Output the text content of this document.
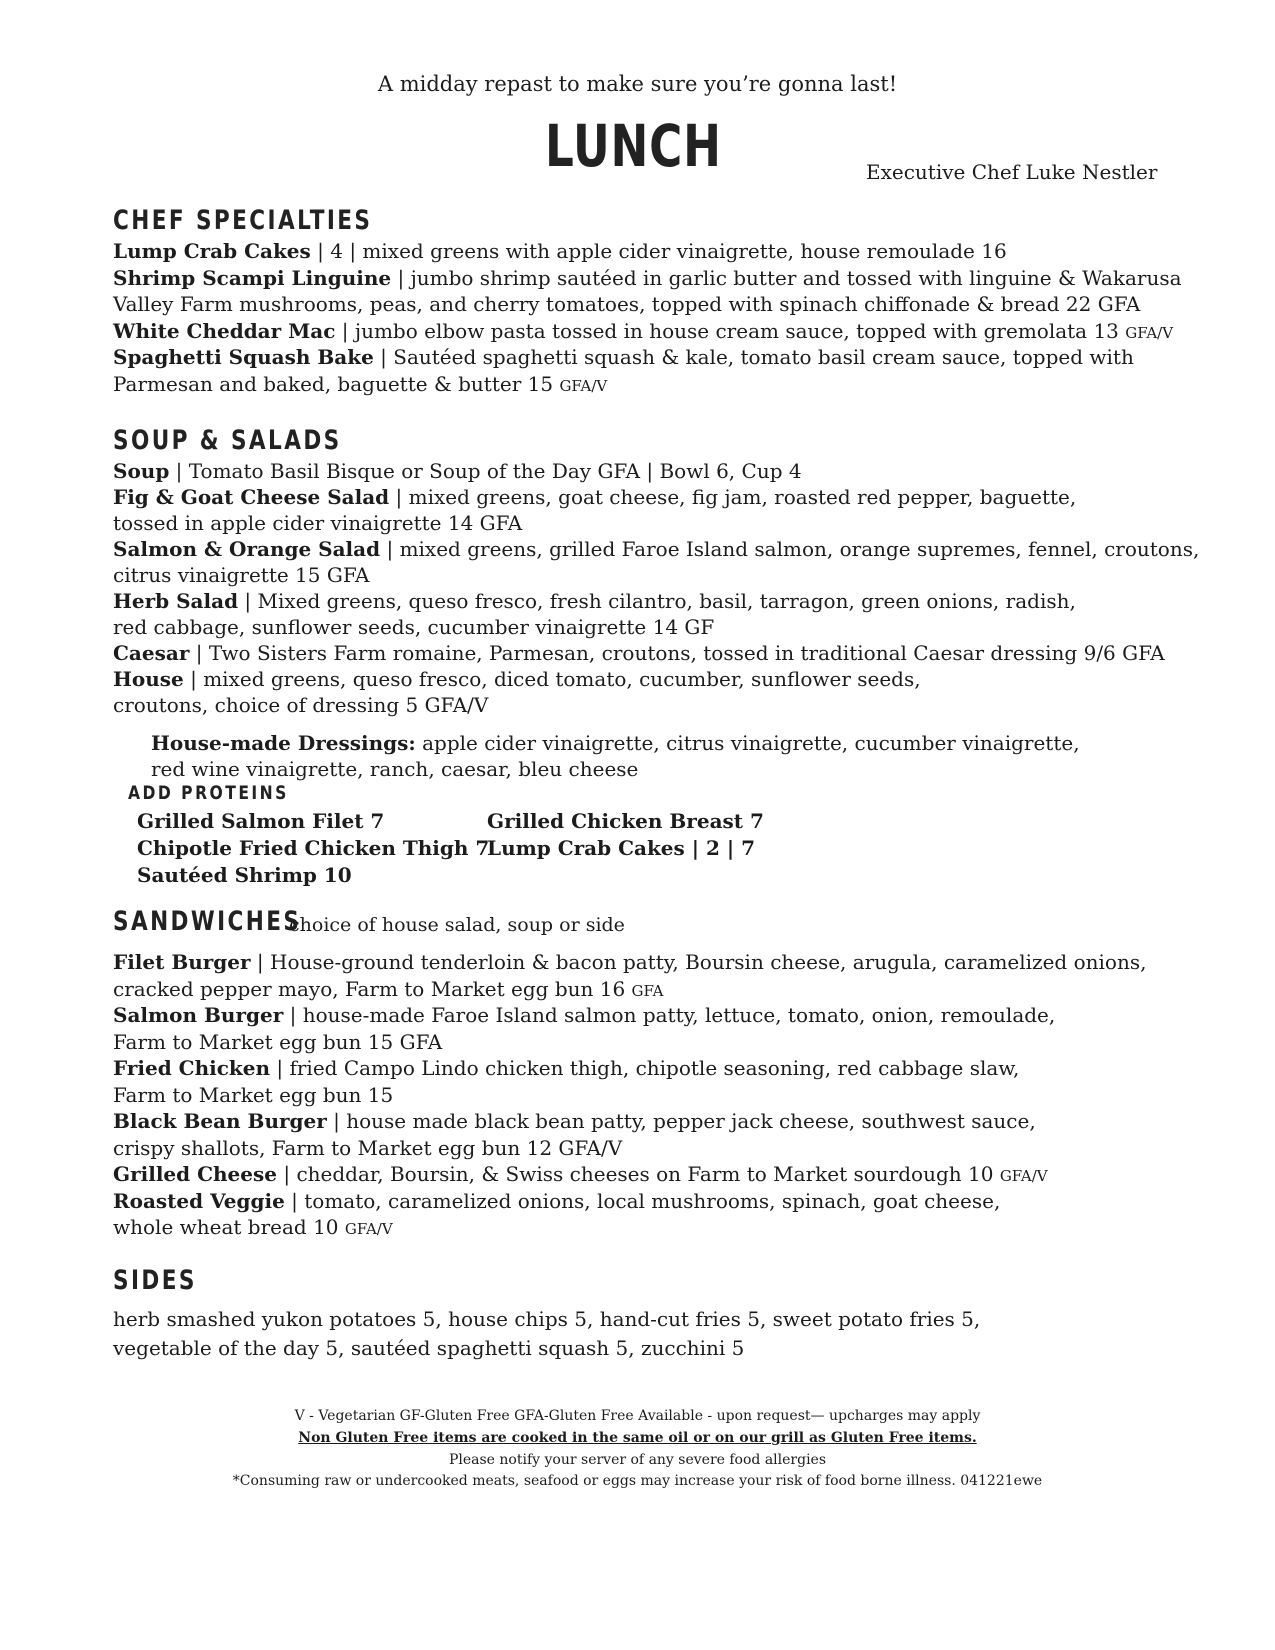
A midday repast to make sure you’re gonna last!
LUNCH	Executive Chef Luke Nestler
CHEF SPECIALTIES
Lump Crab Cakes | 4 | mixed greens with apple cider vinaigrette, house remoulade 16
Shrimp Scampi Linguine | jumbo shrimp sautéed in garlic butter and tossed with linguine & Wakarusa
Valley Farm mushrooms, peas, and cherry tomatoes, topped with spinach chiffonade & bread 22 GFA
White Cheddar Mac | jumbo elbow pasta tossed in house cream sauce, topped with gremolata 13 GFA/V
Spaghetti Squash Bake | Sautéed spaghetti squash & kale, tomato basil cream sauce, topped with
Parmesan and baked, baguette & butter 15 GFA/V
SOUP & SALADS
Soup | Tomato Basil Bisque or Soup of the Day GFA | Bowl 6, Cup 4
Fig & Goat Cheese Salad | mixed greens, goat cheese, fig jam, roasted red pepper, baguette,
tossed in apple cider vinaigrette 14 GFA
Salmon & Orange Salad | mixed greens, grilled Faroe Island salmon, orange supremes, fennel, croutons,
citrus vinaigrette 15 GFA
Herb Salad | Mixed greens, queso fresco, fresh cilantro, basil, tarragon, green onions, radish,
red cabbage, sunflower seeds, cucumber vinaigrette 14 GF
Caesar | Two Sisters Farm romaine, Parmesan, croutons, tossed in traditional Caesar dressing 9/6 GFA
House | mixed greens, queso fresco, diced tomato, cucumber, sunflower seeds,
croutons, choice of dressing 5 GFA/V
House-made Dressings: apple cider vinaigrette, citrus vinaigrette, cucumber vinaigrette,
red wine vinaigrette, ranch, caesar, bleu cheese
ADD PROTEINS
Grilled Salmon Filet 7	Grilled Chicken Breast 7
Chipotle Fried Chicken Thigh 7
Lump Crab Cakes | 2 | 7
Sautéed Shrimp 10
SANDWICHES
choice of house salad, soup or side
Filet Burger | House-ground tenderloin & bacon patty, Boursin cheese, arugula, caramelized onions,
cracked pepper mayo, Farm to Market egg bun 16 GFA
Salmon Burger | house-made Faroe Island salmon patty, lettuce, tomato, onion, remoulade,
Farm to Market egg bun 15 GFA
Fried Chicken | fried Campo Lindo chicken thigh, chipotle seasoning, red cabbage slaw,
Farm to Market egg bun 15
Black Bean Burger | house made black bean patty, pepper jack cheese, southwest sauce,
crispy shallots, Farm to Market egg bun 12 GFA/V
Grilled Cheese | cheddar, Boursin, & Swiss cheeses on Farm to Market sourdough 10 GFA/V
Roasted Veggie | tomato, caramelized onions, local mushrooms, spinach, goat cheese,
whole wheat bread 10 GFA/V
SIDES
herb smashed yukon potatoes 5, house chips 5, hand-cut fries 5, sweet potato fries 5,
vegetable of the day 5, sautéed spaghetti squash 5, zucchini 5
V - Vegetarian GF-Gluten Free GFA-Gluten Free Available - upon request— upcharges may apply
Non Gluten Free items are cooked in the same oil or on our grill as Gluten Free items.
Please notify your server of any severe food allergies
*Consuming raw or undercooked meats, seafood or eggs may increase your risk of food borne illness. 041221ewe
